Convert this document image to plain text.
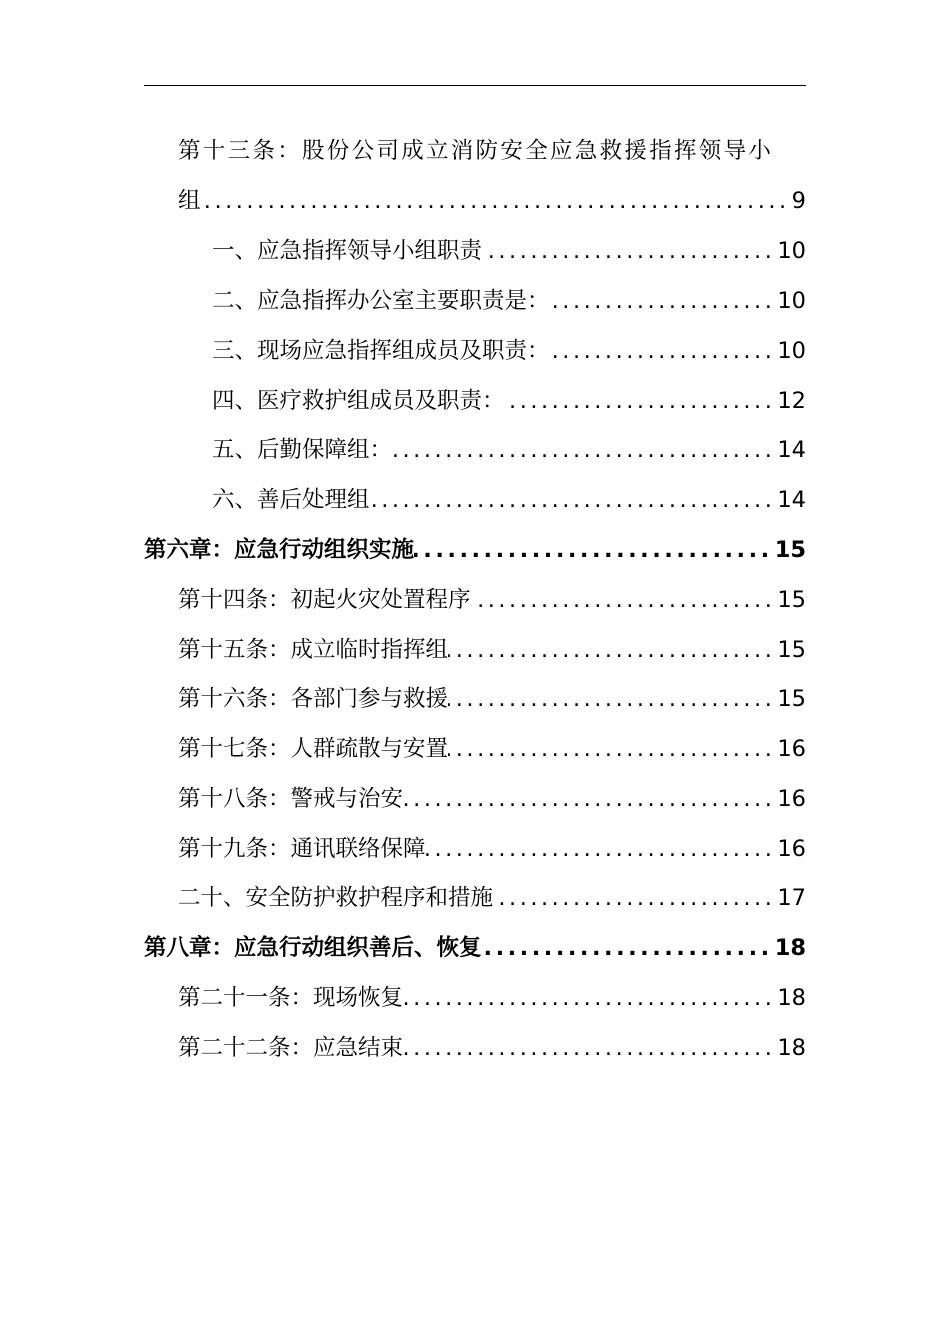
第十三条：股份公司成立消防安全应急救援指挥领导小
组 .....	9
一、应急指挥领导小组职责 .....	10
二、应急指挥办公室主要职责是： .....	10
三、现场应急指挥组成员及职责： .....	10
四、医疗救护组成员及职责： .....	12
五、后勤保障组： .....	14
六、善后处理组 .....	14
第六章：应急行动组织实施 .....	15
第十四条：初起火灾处置程序 .....	15
第十五条：成立临时指挥组 .....	15
第十六条：各部门参与救援 .....	15
第十七条：人群疏散与安置 .....	16
第十八条：警戒与治安 .....	16
第十九条：通讯联络保障 .....	16
二十、安全防护救护程序和措施 .....	17
第八章：应急行动组织善后、恢复 .....	18
第二十一条：现场恢复 .....	18
第二十二条：应急结束 .....	18
